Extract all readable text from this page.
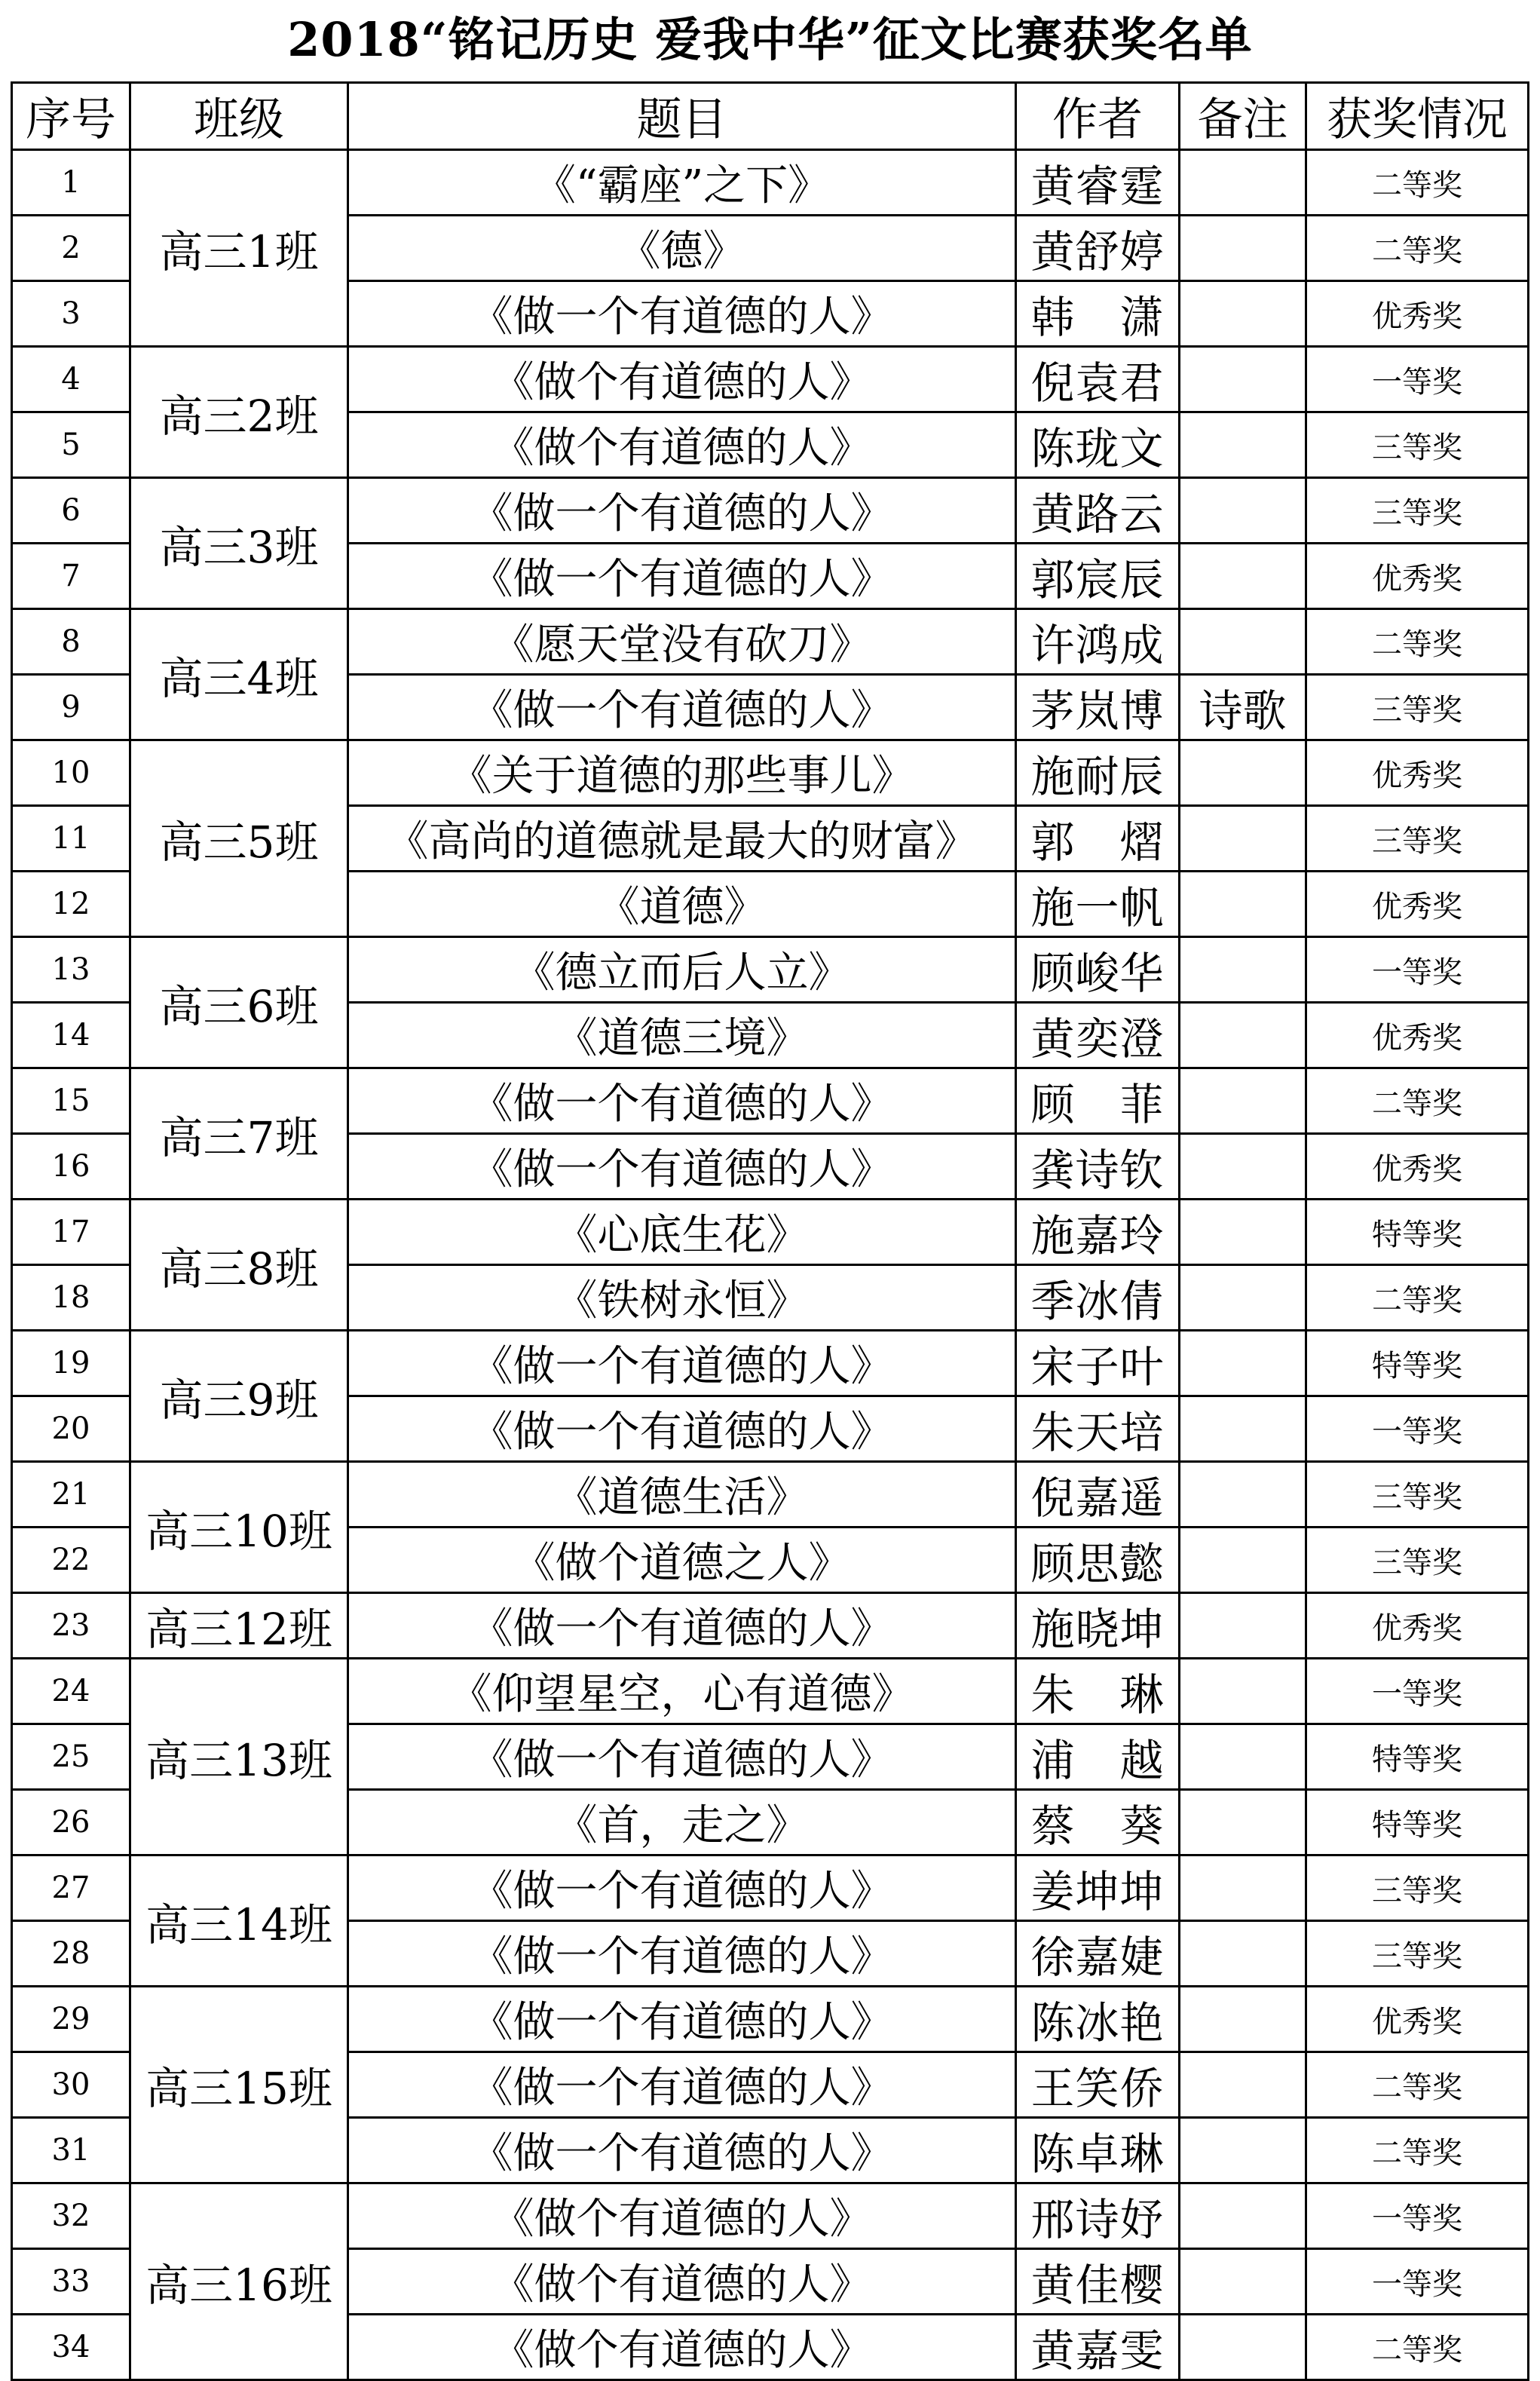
2018“铭记历史 爱我中华”征文比赛获奖名单
序号	班级	题目	作者	备注	获奖情况
1	高三1班	《“霸座”之下》	黄睿霆		二等奖
2		《德》	黄舒婷		二等奖
3		《做一个有道德的人》	韩　潇		优秀奖
4	高三2班	《做个有道德的人》	倪袁君		一等奖
5		《做个有道德的人》	陈珑文		三等奖
6	高三3班	《做一个有道德的人》	黄路云		三等奖
7		《做一个有道德的人》	郭宸辰		优秀奖
8	高三4班	《愿天堂没有砍刀》	许鸿成		二等奖
9		《做一个有道德的人》	茅岚博	诗歌	三等奖
10	高三5班	《关于道德的那些事儿》	施耐辰		优秀奖
11		《高尚的道德就是最大的财富》	郭　熠		三等奖
12		《道德》	施一帆		优秀奖
13	高三6班	《德立而后人立》	顾峻华		一等奖
14		《道德三境》	黄奕澄		优秀奖
15	高三7班	《做一个有道德的人》	顾　菲		二等奖
16		《做一个有道德的人》	龚诗钦		优秀奖
17	高三8班	《心底生花》	施嘉玲		特等奖
18		《铁树永恒》	季冰倩		二等奖
19	高三9班	《做一个有道德的人》	宋子叶		特等奖
20		《做一个有道德的人》	朱天培		一等奖
21	高三10班	《道德生活》	倪嘉遥		三等奖
22		《做个道德之人》	顾思懿		三等奖
23	高三12班	《做一个有道德的人》	施晓坤		优秀奖
24	高三13班	《仰望星空，心有道德》	朱　琳		一等奖
25		《做一个有道德的人》	浦　越		特等奖
26		《首，走之》	蔡　葵		特等奖
27	高三14班	《做一个有道德的人》	姜坤坤		三等奖
28		《做一个有道德的人》	徐嘉婕		三等奖
29	高三15班	《做一个有道德的人》	陈冰艳		优秀奖
30		《做一个有道德的人》	王笑侨		二等奖
31		《做一个有道德的人》	陈卓琳		二等奖
32	高三16班	《做个有道德的人》	邢诗妤		一等奖
33		《做个有道德的人》	黄佳樱		一等奖
34		《做个有道德的人》	黄嘉雯		二等奖
